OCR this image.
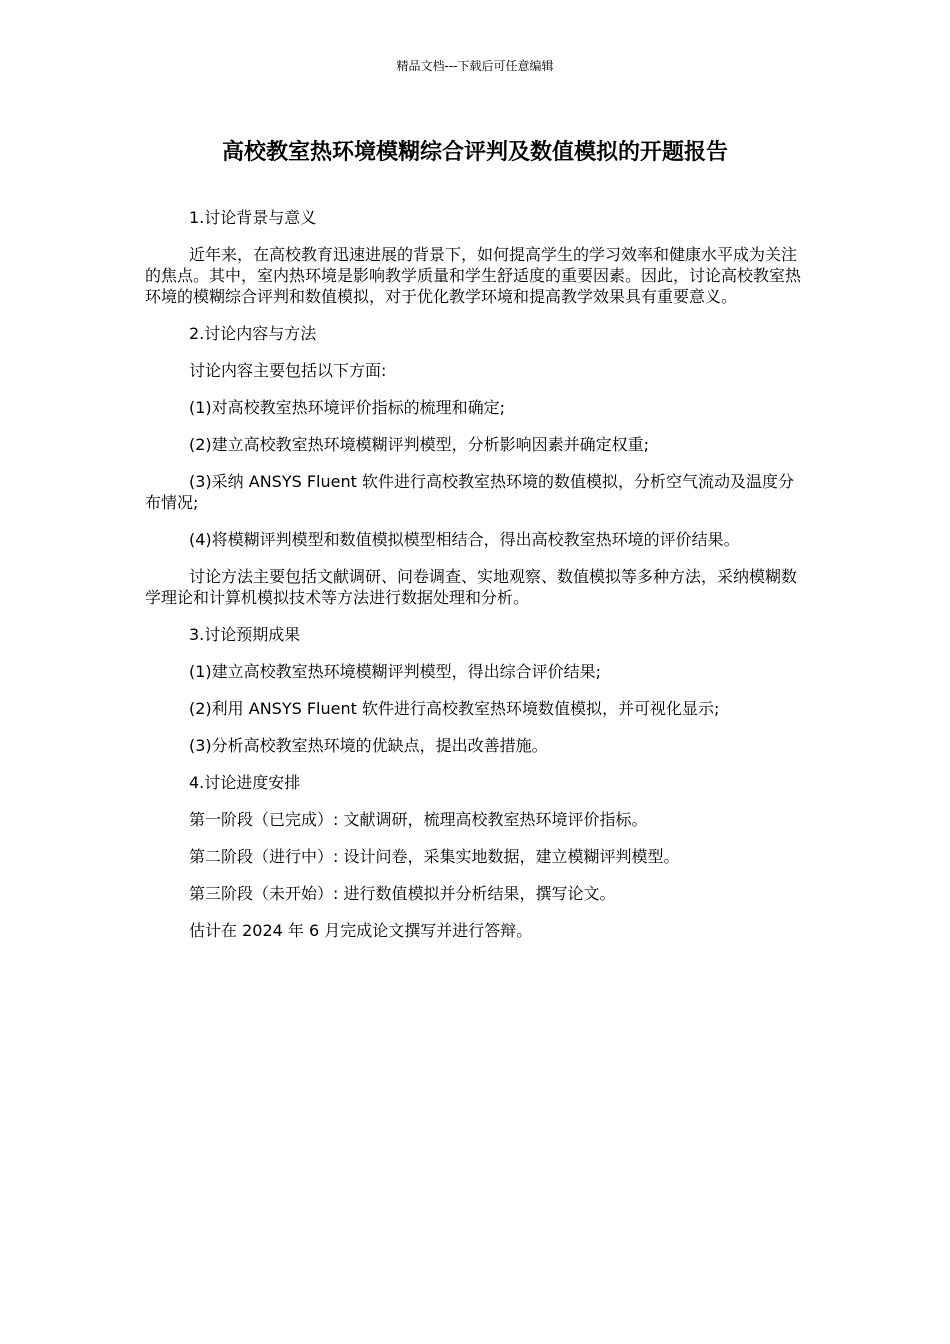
精品文档---下载后可任意编辑
高校教室热环境模糊综合评判及数值模拟的开题报告

1.讨论背景与意义

近年来，在高校教育迅速进展的背景下，如何提高学生的学习效率和健康水平成为关注的焦点。其中，室内热环境是影响教学质量和学生舒适度的重要因素。因此，讨论高校教室热环境的模糊综合评判和数值模拟，对于优化教学环境和提高教学效果具有重要意义。

2.讨论内容与方法

讨论内容主要包括以下方面:

(1)对高校教室热环境评价指标的梳理和确定;

(2)建立高校教室热环境模糊评判模型，分析影响因素并确定权重;

(3)采纳 ANSYS Fluent 软件进行高校教室热环境的数值模拟，分析空气流动及温度分布情况;

(4)将模糊评判模型和数值模拟模型相结合，得出高校教室热环境的评价结果。

讨论方法主要包括文献调研、问卷调查、实地观察、数值模拟等多种方法，采纳模糊数学理论和计算机模拟技术等方法进行数据处理和分析。

3.讨论预期成果

(1)建立高校教室热环境模糊评判模型，得出综合评价结果;

(2)利用 ANSYS Fluent 软件进行高校教室热环境数值模拟，并可视化显示;

(3)分析高校教室热环境的优缺点，提出改善措施。

4.讨论进度安排

第一阶段（已完成）: 文献调研，梳理高校教室热环境评价指标。

第二阶段（进行中）: 设计问卷，采集实地数据，建立模糊评判模型。

第三阶段（未开始）: 进行数值模拟并分析结果，撰写论文。

估计在 2024 年 6 月完成论文撰写并进行答辩。
